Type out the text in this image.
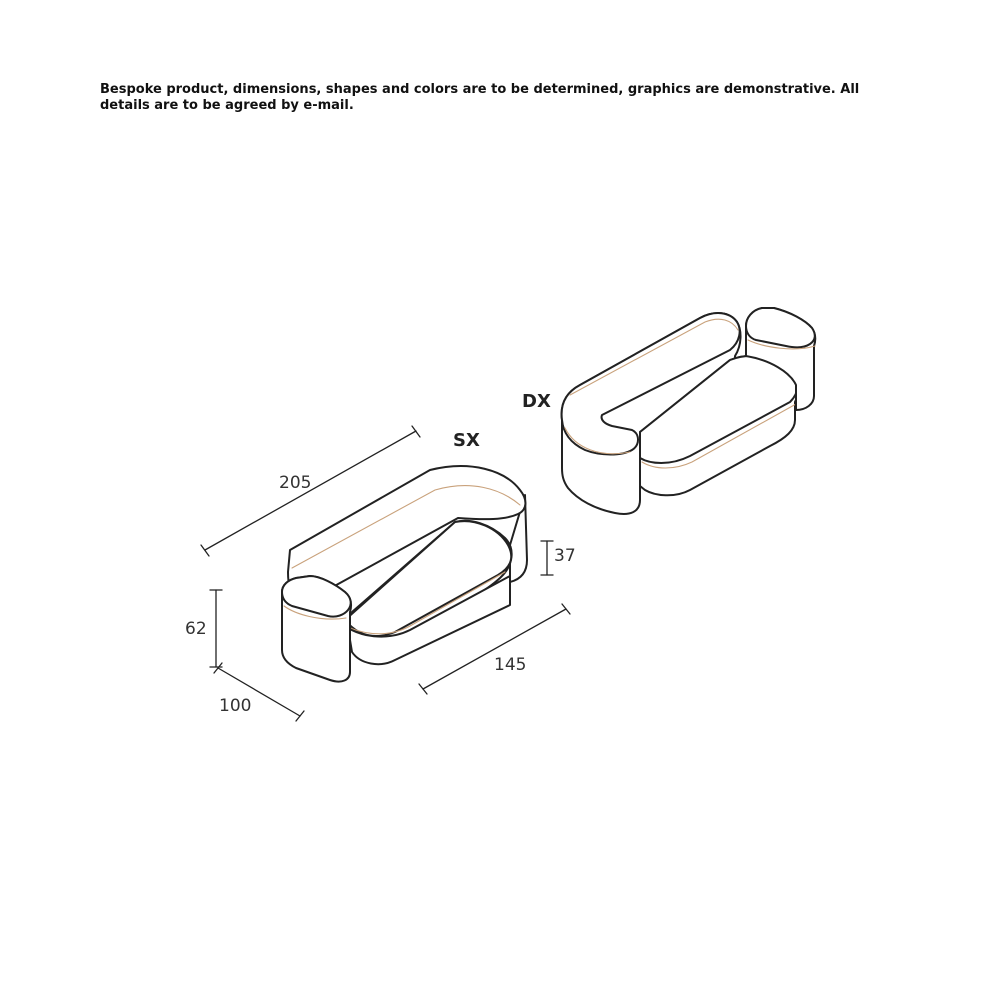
Bespoke product, dimensions, shapes and colors are to be determined, graphics are demonstrative. All details are to be agreed by e-mail.

205
62
100
145
37
SX
DX
